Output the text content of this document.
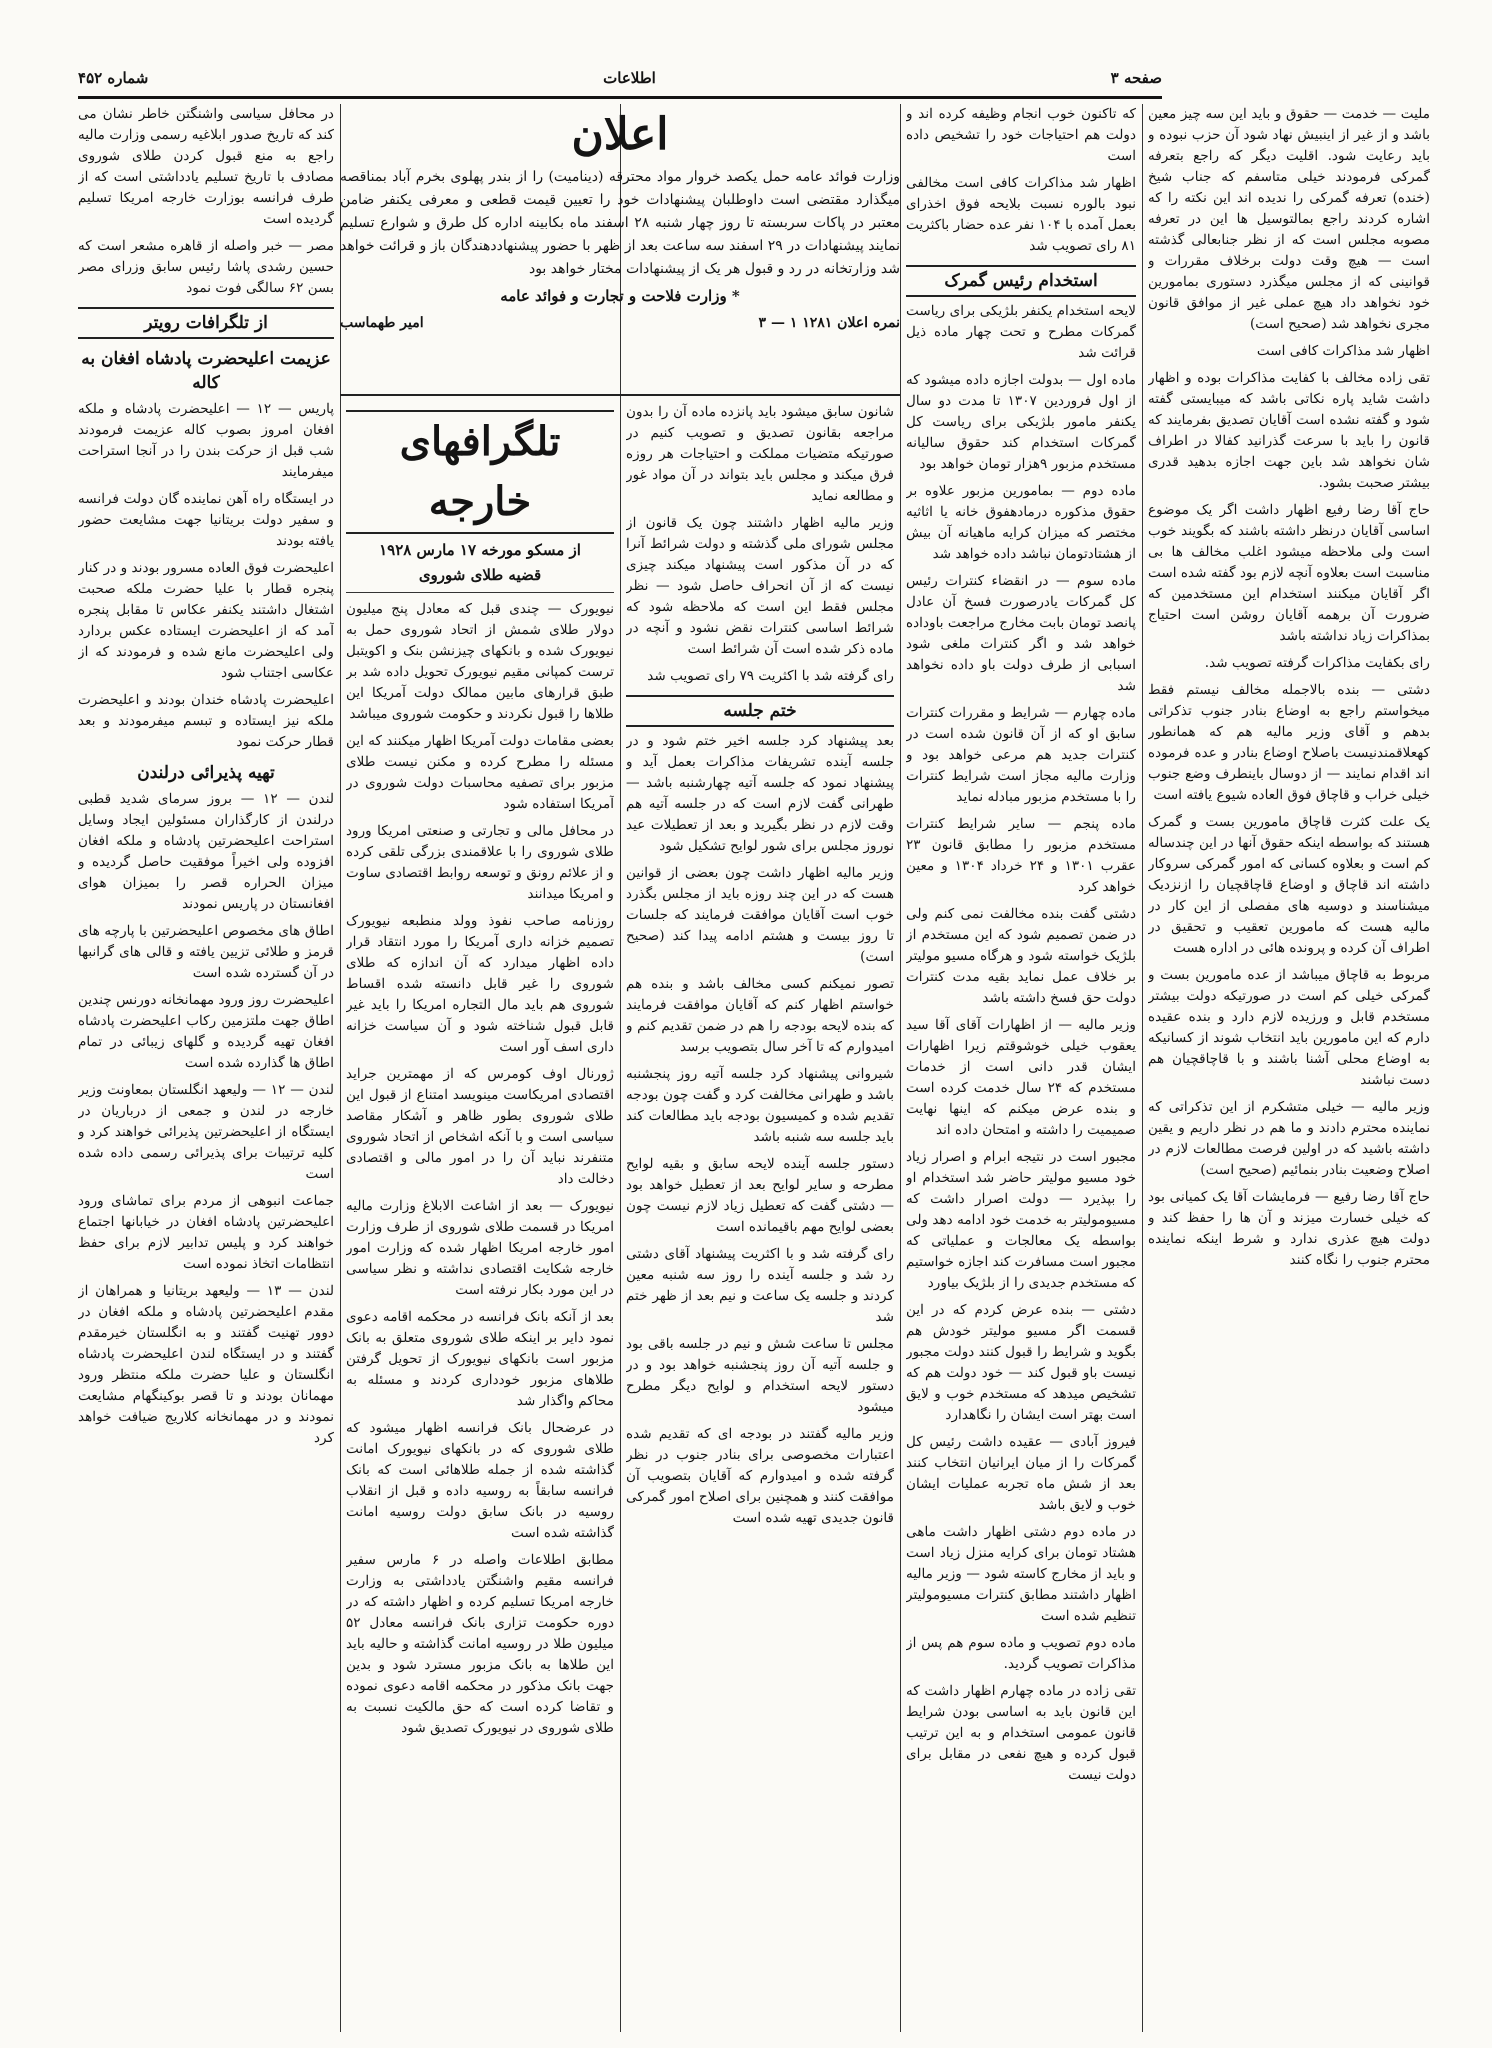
صفحه ۳
اطلاعات
شماره ۴۵۲

ملیت — خدمت — حقوق و باید این سه چیز معین باشد و از غیر از اینبیش نهاد شود آن حزب نبوده و باید رعایت شود. اقلیت دیگر که راجع بتعرفه گمرکی فرمودند خیلی متاسفم که جناب شیخ (خنده) تعرفه گمرکی را ندیده اند این نکته را که اشاره کردند راجع بمالتوسیل ها این در تعرفه مصوبه مجلس است که از نظر جنابعالی گذشته است — هیچ وقت دولت برخلاف مقررات و قوانینی که از مجلس میگذرد دستوری بمامورین خود نخواهد داد هیچ عملی غیر از موافق قانون مجری نخواهد شد (صحیح است)

اظهار شد مذاکرات کافی است

تقی زاده مخالف با کفایت مذاکرات بوده و اظهار داشت شاید پاره نکاتی باشد که میبایستی گفته شود و گفته نشده است آقایان تصدیق بفرمایند که قانون را باید با سرعت گذرانید کفالا در اطراف شان نخواهد شد باین جهت اجازه بدهید قدری بیشتر صحبت بشود.

حاج آقا رضا رفیع اظهار داشت اگر یک موضوع اساسی آقایان درنظر داشته باشند که بگویند خوب است ولی ملاحظه میشود اغلب مخالف ها بی مناسبت است بعلاوه آنچه لازم بود گفته شده است اگر آقایان میکنند استخدام این مستخدمین که ضرورت آن برهمه آقایان روشن است احتیاج بمذاکرات زیاد نداشته باشد

رای بکفایت مذاکرات گرفته تصویب شد.

دشتی — بنده بالاجمله مخالف نیستم فقط میخواستم راجع به اوضاع بنادر جنوب تذکراتی بدهم و آقای وزیر مالیه هم که همانطور کهعلاقمندنیست باصلاح اوضاع بنادر و عده فرموده اند اقدام نمایند — از دوسال باینطرف وضع جنوب خیلی خراب و قاچاق فوق العاده شیوع یافته است

یک علت کثرت قاچاق مامورین بست و گمرک هستند که بواسطه اینکه حقوق آنها در این چندساله کم است و بعلاوه کسانی که امور گمرکی سروکار داشته اند قاچاق و اوضاع قاچاقچیان را ازنزدیک میشناسند و دوسیه های مفصلی از این کار در مالیه هست که مامورین تعقیب و تحقیق در اطراف آن کرده و پرونده هائی در اداره هست

مربوط به قاچاق میباشد از عده مامورین بست و گمرکی خیلی کم است در صورتیکه دولت بیشتر مستخدم قابل و ورزیده لازم دارد و بنده عقیده دارم که این مامورین باید انتخاب شوند از کسانیکه به اوضاع محلی آشنا باشند و با قاچاقچیان هم دست نباشند

وزیر مالیه — خیلی متشکرم از این تذکراتی که نماینده محترم دادند و ما هم در نظر داریم و یقین داشته باشید که در اولین فرصت مطالعات لازم در اصلاح وضعیت بنادر بنمائیم (صحیح است)

حاج آقا رضا رفیع — فرمایشات آقا یک کمیانی بود که خیلی خسارت میزند و آن ها را حفظ کند و دولت هیچ عذری ندارد و شرط اینکه نماینده محترم جنوب را نگاه کنند

که تاکنون خوب انجام وظیفه کرده اند و دولت هم احتیاجات خود را تشخیص داده است

اظهار شد مذاکرات کافی است مخالفی نبود بالوره نسبت بلایحه فوق اخذرای بعمل آمده با ۱۰۴ نفر عده حضار باکثریت ۸۱ رای تصویب شد

استخدام رئیس گمرک

لایحه استخدام یکنفر بلژیکی برای ریاست گمرکات مطرح و تحت چهار ماده ذیل قرائت شد

ماده اول — بدولت اجازه داده میشود که از اول فروردین ۱۳۰۷ تا مدت دو سال یکنفر مامور بلژیکی برای ریاست کل گمرکات استخدام کند حقوق سالیانه مستخدم مزبور ۹هزار تومان خواهد بود

ماده دوم — بمامورین مزبور علاوه بر حقوق مذکوره درمادهفوق خانه یا اثاثیه مختصر که میزان کرایه ماهیانه آن بیش از هشتادتومان نباشد داده خواهد شد

ماده سوم — در انقضاء کنترات رئیس کل گمرکات یادرصورت فسخ آن عادل پانصد تومان بابت مخارج مراجعت باوداده خواهد شد و اگر کنترات ملغی شود اسبابی از طرف دولت باو داده نخواهد شد

ماده چهارم — شرایط و مقررات کنترات سابق او که از آن قانون شده است در کنترات جدید هم مرعی خواهد بود و وزارت مالیه مجاز است شرایط کنترات را با مستخدم مزبور مبادله نماید

ماده پنجم — سایر شرایط کنترات مستخدم مزبور را مطابق قانون ۲۳ عقرب ۱۳۰۱ و ۲۴ خرداد ۱۳۰۴ و معین خواهد کرد

دشتی گفت بنده مخالفت نمی کنم ولی در ضمن تصمیم شود که این مستخدم از بلژیک خواسته شود و هرگاه مسیو مولیتر بر خلاف عمل نماید بقیه مدت کنترات دولت حق فسخ داشته باشد

وزیر مالیه — از اظهارات آقای آقا سید یعقوب خیلی خوشوقتم زیرا اظهارات ایشان قدر دانی است از خدمات مستخدم که ۲۴ سال خدمت کرده است و بنده عرض میکنم که اینها نهایت صمیمیت را داشته و امتحان داده اند

مجبور است در نتیجه ابرام و اصرار زیاد خود مسیو مولیتر حاضر شد استخدام او را بپذیرد — دولت اصرار داشت که مسیومولیتر به خدمت خود ادامه دهد ولی بواسطه یک معالجات و عملیاتی که مجبور است مسافرت کند اجازه خواستیم که مستخدم جدیدی را از بلژیک بیاورد

دشتی — بنده عرض کردم که در این قسمت اگر مسیو مولیتر خودش هم بگوید و شرایط را قبول کنند دولت مجبور نیست باو قبول کند — خود دولت هم که تشخیص میدهد که مستخدم خوب و لایق است بهتر است ایشان را نگاهدارد

فیروز آبادی — عقیده داشت رئیس کل گمرکات را از میان ایرانیان انتخاب کنند بعد از شش ماه تجربه عملیات ایشان خوب و لایق باشد

در ماده دوم دشتی اظهار داشت ماهی هشتاد تومان برای کرایه منزل زیاد است و باید از مخارج کاسته شود — وزیر مالیه اظهار داشتند مطابق کنترات مسیومولیتر تنظیم شده است

ماده دوم تصویب و ماده سوم هم پس از مذاکرات تصویب گردید.

تقی زاده در ماده چهارم اظهار داشت که این قانون باید به اساسی بودن شرایط قانون عمومی استخدام و به این ترتیب قبول کرده و هیچ نفعی در مقابل برای دولت نیست

اعلان

وزارت فوائد عامه حمل یکصد خروار مواد محترقه (دینامیت) را از بندر پهلوی بخرم آباد بمناقصه میگذارد مقتضی است داوطلبان پیشنهادات خود را تعیین قیمت قطعی و معرفی یکنفر ضامن معتبر در پاکات سربسته تا روز چهار شنبه ۲۸ اسفند ماه بکابینه اداره کل طرق و شوارع تسلیم نمایند پیشنهادات در ۲۹ اسفند سه ساعت بعد از ظهر با حضور پیشنهاددهندگان باز و قرائت خواهد شد وزارتخانه در رد و قبول هر یک از پیشنهادات مختار خواهد بود

* وزارت فلاحت و تجارت و فوائد عامه
نمره اعلان ۱۲۸۱ ۱ — ۳
امیر طهماسب

شانون سابق میشود باید پانزده ماده آن را بدون مراجعه بقانون تصدیق و تصویب کنیم در صورتیکه متضیات مملکت و احتیاجات هر روزه فرق میکند و مجلس باید بتواند در آن مواد غور و مطالعه نماید

وزیر مالیه اظهار داشتند چون یک قانون از مجلس شورای ملی گذشته و دولت شرائط آنرا که در آن مذکور است پیشنهاد میکند چیزی نیست که از آن انحراف حاصل شود — نظر مجلس فقط این است که ملاحظه شود که شرائط اساسی کنترات نقض نشود و آنچه در ماده ذکر شده است آن شرائط است

رای گرفته شد با اکثریت ۷۹ رای تصویب شد

ختم جلسه

بعد پیشنهاد کرد جلسه اخیر ختم شود و در جلسه آینده تشریفات مذاکرات بعمل آید و پیشنهاد نمود که جلسه آتیه چهارشنبه باشد — طهرانی گفت لازم است که در جلسه آتیه هم وقت لازم در نظر بگیرید و بعد از تعطیلات عید نوروز مجلس برای شور لوایح تشکیل شود

وزیر مالیه اظهار داشت چون بعضی از قوانین هست که در این چند روزه باید از مجلس بگذرد خوب است آقایان موافقت فرمایند که جلسات تا روز بیست و هشتم ادامه پیدا کند (صحیح است)

تصور نمیکنم کسی مخالف باشد و بنده هم خواستم اظهار کنم که آقایان موافقت فرمایند که بنده لایحه بودجه را هم در ضمن تقدیم کنم و امیدوارم که تا آخر سال بتصویب برسد

شیروانی پیشنهاد کرد جلسه آتیه روز پنجشنبه باشد و طهرانی مخالفت کرد و گفت چون بودجه تقدیم شده و کمیسیون بودجه باید مطالعات کند باید جلسه سه شنبه باشد

دستور جلسه آینده لایحه سابق و بقیه لوایح مطرحه و سایر لوایح بعد از تعطیل خواهد بود — دشتی گفت که تعطیل زیاد لازم نیست چون بعضی لوایح مهم باقیمانده است

رای گرفته شد و با اکثریت پیشنهاد آقای دشتی رد شد و جلسه آینده را روز سه شنبه معین کردند و جلسه یک ساعت و نیم بعد از ظهر ختم شد

مجلس تا ساعت شش و نیم در جلسه باقی بود و جلسه آتیه آن روز پنجشنبه خواهد بود و در دستور لایحه استخدام و لوایح دیگر مطرح میشود

وزیر مالیه گفتند در بودجه ای که تقدیم شده اعتبارات مخصوصی برای بنادر جنوب در نظر گرفته شده و امیدوارم که آقایان بتصویب آن موافقت کنند و همچنین برای اصلاح امور گمرکی قانون جدیدی تهیه شده است

تلگرافهای خارجه
از مسکو مورخه ۱۷ مارس ۱۹۲۸
قضیه طلای شوروی

نیویورک — چندی قبل که معادل پنج میلیون دولار طلای شمش از اتحاد شوروی حمل به نیویورک شده و بانکهای چیزنشن بنک و اکویتبل ترست کمپانی مقیم نیویورک تحویل داده شد بر طبق قرارهای مابین ممالک دولت آمریکا این طلاها را قبول نکردند و حکومت شوروی میباشد

بعضی مقامات دولت آمریکا اظهار میکنند که این مسئله را مطرح کرده و مکنن نیست طلای مزبور برای تصفیه محاسبات دولت شوروی در آمریکا استفاده شود

در محافل مالی و تجارتی و صنعتی امریکا ورود طلای شوروی را با علاقمندی بزرگی تلقی کرده و از علائم رونق و توسعه روابط اقتصادی ساوت و امریکا میدانند

روزنامه صاحب نفوذ وولد منطبعه نیویورک تصمیم خزانه داری آمریکا را مورد انتقاد قرار داده اظهار میدارد که آن اندازه که طلای شوروی را غیر قابل دانسته شده اقساط شوروی هم باید مال التجاره امریکا را باید غیر قابل قبول شناخته شود و آن سیاست خزانه داری اسف آور است

ژورنال اوف کومرس که از مهمترین جراید اقتصادی امریکاست مینویسد امتناع از قبول این طلای شوروی بطور ظاهر و آشکار مقاصد سیاسی است و با آنکه اشخاص از اتحاد شوروی متنفرند نباید آن را در امور مالی و اقتصادی دخالت داد

نیویورک — بعد از اشاعت الابلاغ وزارت مالیه امریکا در قسمت طلای شوروی از طرف وزارت امور خارجه امریکا اظهار شده که وزارت امور خارجه شکایت اقتصادی نداشته و نظر سیاسی در این مورد بکار نرفته است

بعد از آنکه بانک فرانسه در محکمه اقامه دعوی نمود دایر بر اینکه طلای شوروی متعلق به بانک مزبور است بانکهای نیویورک از تحویل گرفتن طلاهای مزبور خودداری کردند و مسئله به محاکم واگذار شد

در عرضحال بانک فرانسه اظهار میشود که طلای شوروی که در بانکهای نیویورک امانت گذاشته شده از جمله طلاهائی است که بانک فرانسه سابقاً به روسیه داده و قبل از انقلاب روسیه در بانک سابق دولت روسیه امانت گذاشته شده است

مطابق اطلاعات واصله در ۶ مارس سفیر فرانسه مقیم واشنگتن یادداشتی به وزارت خارجه امریکا تسلیم کرده و اظهار داشته که در دوره حکومت تزاری بانک فرانسه معادل ۵۲ میلیون طلا در روسیه امانت گذاشته و حالیه باید این طلاها به بانک مزبور مسترد شود و بدین جهت بانک مذکور در محکمه اقامه دعوی نموده و تقاضا کرده است که حق مالکیت نسبت به طلای شوروی در نیویورک تصدیق شود

در محافل سیاسی واشنگتن خاطر نشان می کند که تاریخ صدور ابلاغیه رسمی وزارت مالیه راجع به منع قبول کردن طلای شوروی مصادف با تاریخ تسلیم یادداشتی است که از طرف فرانسه بوزارت خارجه امریکا تسلیم گردیده است

مصر — خبر واصله از قاهره مشعر است که حسین رشدی پاشا رئیس سابق وزرای مصر بسن ۶۲ سالگی فوت نمود

از تلگرافات رویتر
عزیمت اعلیحضرت پادشاه افغان به کاله

پاریس — ۱۲ — اعلیحضرت پادشاه و ملکه افغان امروز بصوب کاله عزیمت فرمودند شب قبل از حرکت بندن را در آنجا استراحت میفرمایند

در ایستگاه راه آهن نماینده گان دولت فرانسه و سفیر دولت بریتانیا جهت مشایعت حضور یافته بودند

اعلیحضرت فوق العاده مسرور بودند و در کنار پنجره قطار با علیا حضرت ملکه صحبت اشتغال داشتند یکنفر عکاس تا مقابل پنجره آمد که از اعلیحضرت ایستاده عکس بردارد ولی اعلیحضرت مانع شده و فرمودند که از عکاسی اجتناب شود

اعلیحضرت پادشاه خندان بودند و اعلیحضرت ملکه نیز ایستاده و تبسم میفرمودند و بعد قطار حرکت نمود

تهیه پذیرائی درلندن

لندن — ۱۲ — بروز سرمای شدید قطبی درلندن از کارگذاران مسئولین ایجاد وسایل استراحت اعلیحضرتین پادشاه و ملکه افغان افزوده ولی اخیراً موفقیت حاصل گردیده و میزان الحراره قصر را بمیزان هوای افغانستان در پاریس نمودند

اطاق های مخصوص اعلیحضرتین با پارچه های قرمز و طلائی تزیین یافته و قالی های گرانبها در آن گسترده شده است

اعلیحضرت روز ورود مهمانخانه دورنس چندین اطاق جهت ملتزمین رکاب اعلیحضرت پادشاه افغان تهیه گردیده و گلهای زیبائی در تمام اطاق ها گذارده شده است

لندن — ۱۲ — ولیعهد انگلستان بمعاونت وزیر خارجه در لندن و جمعی از درباریان در ایستگاه از اعلیحضرتین پذیرائی خواهند کرد و کلیه ترتیبات برای پذیرائی رسمی داده شده است

جماعت انبوهی از مردم برای تماشای ورود اعلیحضرتین پادشاه افغان در خیابانها اجتماع خواهند کرد و پلیس تدابیر لازم برای حفظ انتظامات اتخاذ نموده است

لندن — ۱۳ — ولیعهد بریتانیا و همراهان از مقدم اعلیحضرتین پادشاه و ملکه افغان در دوور تهنیت گفتند و به انگلستان خیرمقدم گفتند و در ایستگاه لندن اعلیحضرت پادشاه انگلستان و علیا حضرت ملکه منتظر ورود مهمانان بودند و تا قصر بوکینگهام مشایعت نمودند و در مهمانخانه کلاریج ضیافت خواهد کرد
